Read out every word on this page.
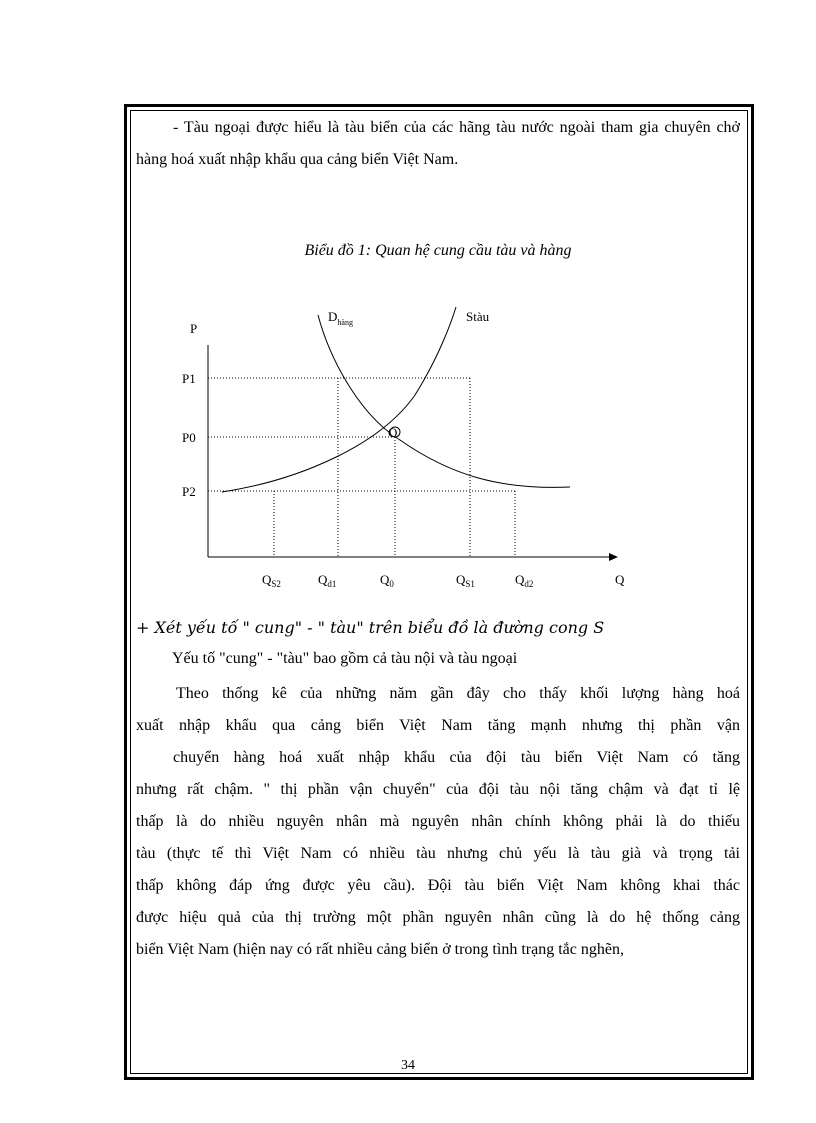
- Tàu ngoại được hiểu là tàu biển của các hãng tàu nước ngoài tham gia chuyên chở hàng hoá xuất nhập khẩu qua cảng biển Việt Nam.

Biểu đồ 1: Quan hệ cung cầu tàu và hàng
P
P1
P0
P2
Stàu
$D_{hàng}$
$Q_{S2}$	$Q_{d1}$	$Q_0$	$Q_{S1}$	$Q_{d2}$	Q
O
+ Xét yếu tố " cung" - " tàu" trên biểu đồ là đường cong S
Yếu tố "cung" - "tàu" bao gồm cả tàu nội và tàu ngoại

Theo thống kê của những năm gần đây cho thấy khối lượng hàng hoá

xuất nhập khẩu qua cảng biển Việt Nam tăng mạnh nhưng thị phần vận

chuyển hàng hoá xuất nhập khẩu của đội tàu biển Việt Nam có tăng

nhưng rất chậm. " thị phần vận chuyển" của đội tàu nội tăng chậm và đạt tỉ lệ

thấp là do nhiều nguyên nhân mà nguyên nhân chính không phải là do thiếu

tàu (thực tế thì Việt Nam có nhiều tàu nhưng chủ yếu là tàu già và trọng tải

thấp không đáp ứng được yêu cầu). Đội tàu biển Việt Nam không khai thác

được hiệu quả của thị trường một phần nguyên nhân cũng là do hệ thống cảng

biển Việt Nam (hiện nay có rất nhiều cảng biển ở trong tình trạng tắc nghẽn,

34
